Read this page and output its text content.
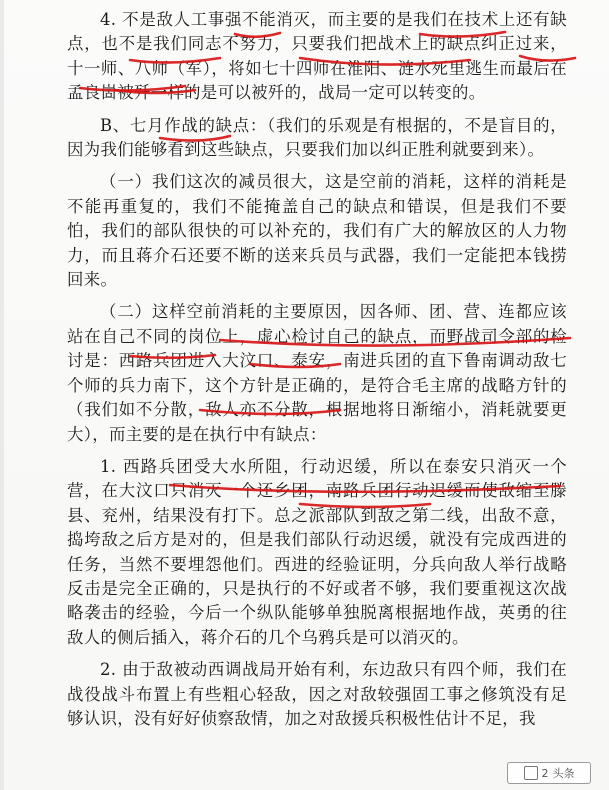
4. 不是敌人工事强不能消灭，而主要的是我们在技术上还有缺点，也不是我们同志不努力，只要我们把战术上的缺点纠正过来，十一师、八师（军），将如七十四师在淮阳、涟水死里逃生而最后在孟良崮被歼一样的是可以被歼的，战局一定可以转变的。

B、七月作战的缺点：（我们的乐观是有根据的，不是盲目的，因为我们能够看到这些缺点，只要我们加以纠正胜利就要到来）。

（一）我们这次的减员很大，这是空前的消耗，这样的消耗是不能再重复的，我们不能掩盖自己的缺点和错误，但是我们不要怕，我们的部队很快的可以补充的，我们有广大的解放区的人力物力，而且蒋介石还要不断的送来兵员与武器，我们一定能把本钱捞回来。

（二）这样空前消耗的主要原因，因各师、团、营、连都应该站在自己不同的岗位上，虚心检讨自己的缺点，而野战司令部的检讨是：西路兵团进入大汶口、泰安，南进兵团的直下鲁南调动敌七个师的兵力南下，这个方针是正确的，是符合毛主席的战略方针的（我们如不分散，敌人亦不分散，根据地将日渐缩小，消耗就要更大），而主要的是在执行中有缺点：

1. 西路兵团受大水所阻，行动迟缓，所以在泰安只消灭一个营，在大汶口只消灭一个还乡团，南路兵团行动迟缓而使敌缩至滕县、兖州，结果没有打下。总之派部队到敌之第二线，出敌不意，捣垮敌之后方是对的，但是我们部队行动迟缓，就没有完成西进的任务，当然不要埋怨他们。西进的经验证明，分兵向敌人举行战略反击是完全正确的，只是执行的不好或者不够，我们要重视这次战略袭击的经验，今后一个纵队能够单独脱离根据地作战，英勇的往敌人的侧后插入，蒋介石的几个乌鸦兵是可以消灭的。

2. 由于敌被动西调战局开始有利，东边敌只有四个师，我们在战役战斗布置上有些粗心轻敌，因之对敌较强固工事之修筑没有足够认识，没有好好侦察敌情，加之对敌援兵积极性估计不足，我

2 头条
